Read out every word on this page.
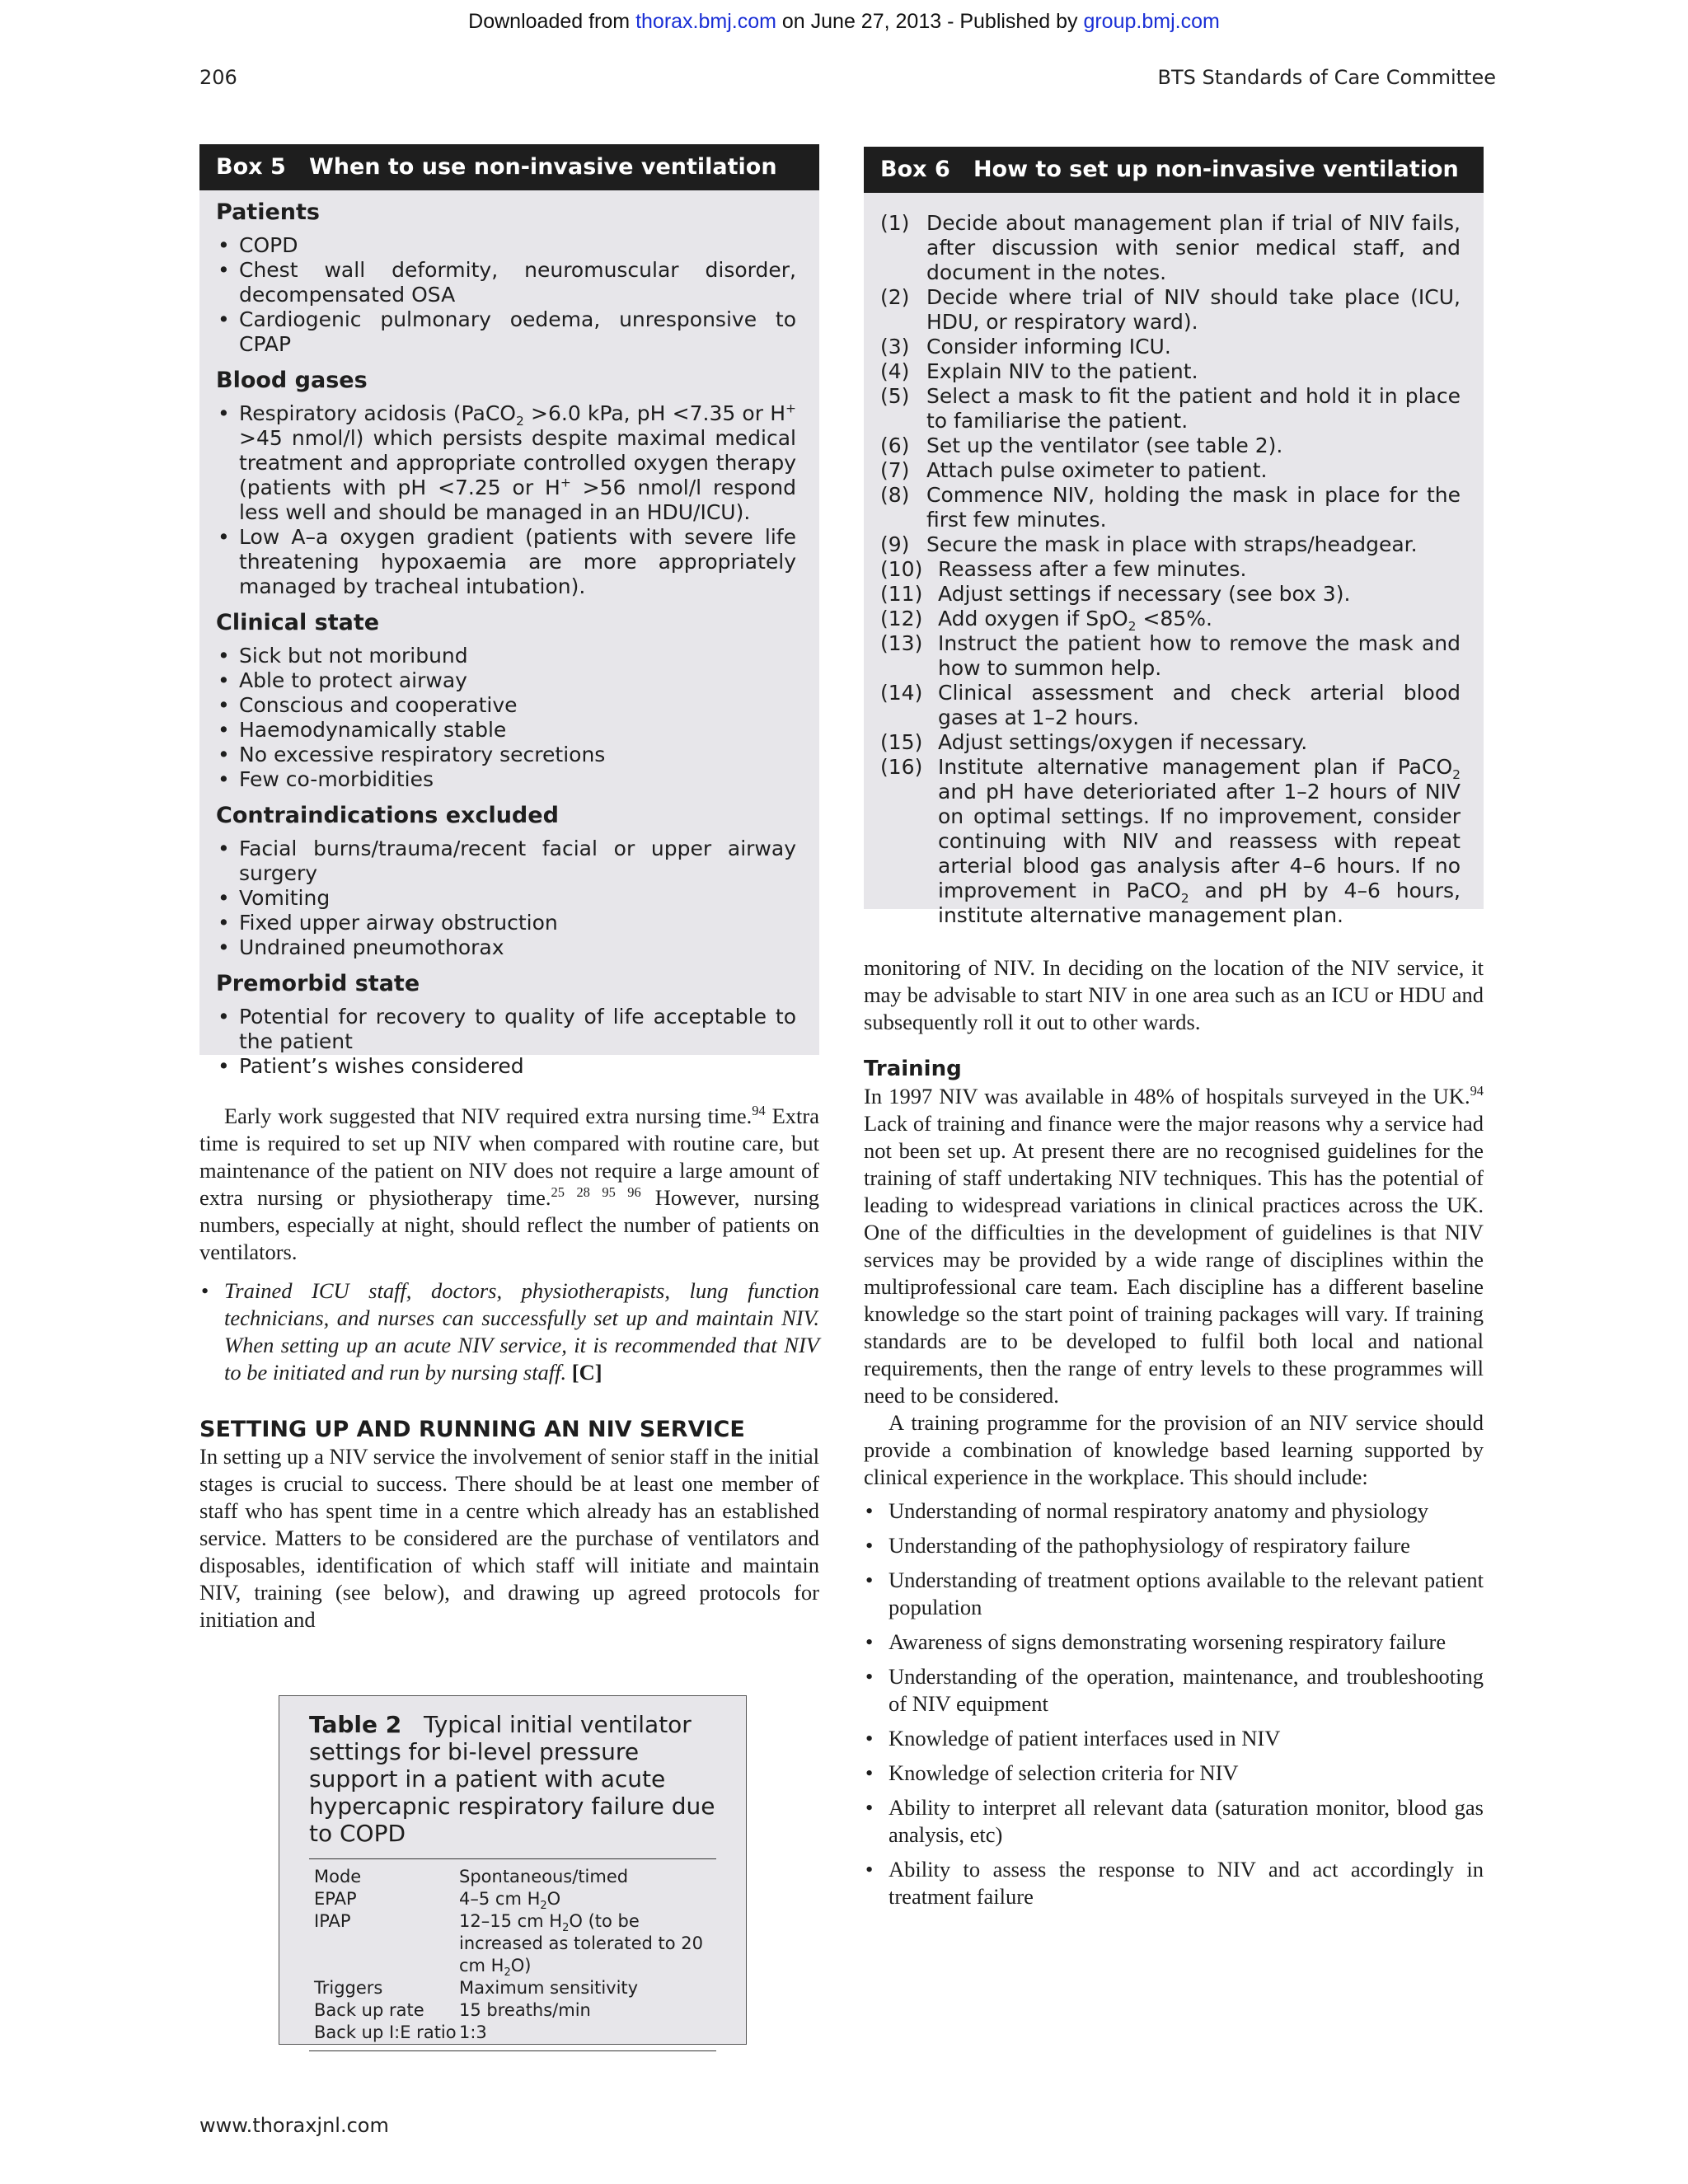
Downloaded from thorax.bmj.com on June 27, 2013 - Published by group.bmj.com
206	BTS Standards of Care Committee
Box 5 When to use non-invasive ventilation
Patients
• COPD
• Chest wall deformity, neuromuscular disorder, decompensated OSA
• Cardiogenic pulmonary oedema, unresponsive to CPAP
Blood gases
• Respiratory acidosis (PaCO$_2$ >6.0 kPa, pH <7.35 or H+ >45 nmol/l) which persists despite maximal medical treatment and appropriate controlled oxygen therapy (patients with pH <7.25 or H+ >56 nmol/l respond less well and should be managed in an HDU/ICU).
• Low A–a oxygen gradient (patients with severe life threatening hypoxaemia are more appropriately managed by tracheal intubation).
Clinical state
• Sick but not moribund
• Able to protect airway
• Conscious and cooperative
• Haemodynamically stable
• No excessive respiratory secretions
• Few co-morbidities
Contraindications excluded
• Facial burns/trauma/recent facial or upper airway surgery
• Vomiting
• Fixed upper airway obstruction
• Undrained pneumothorax
Premorbid state
• Potential for recovery to quality of life acceptable to the patient
• Patient’s wishes considered
Box 6 How to set up non-invasive ventilation
(1) Decide about management plan if trial of NIV fails, after discussion with senior medical staff, and document in the notes.
(2) Decide where trial of NIV should take place (ICU, HDU, or respiratory ward).
(3) Consider informing ICU.
(4) Explain NIV to the patient.
(5) Select a mask to fit the patient and hold it in place to familiarise the patient.
(6) Set up the ventilator (see table 2).
(7) Attach pulse oximeter to patient.
(8) Commence NIV, holding the mask in place for the first few minutes.
(9) Secure the mask in place with straps/headgear.
(10) Reassess after a few minutes.
(11) Adjust settings if necessary (see box 3).
(12) Add oxygen if SpO$_2$ <85%.
(13) Instruct the patient how to remove the mask and how to summon help.
(14) Clinical assessment and check arterial blood gases at 1–2 hours.
(15) Adjust settings/oxygen if necessary.
(16) Institute alternative management plan if PaCO$_2$ and pH have deterioriated after 1–2 hours of NIV on optimal settings. If no improvement, consider continuing with NIV and reassess with repeat arterial blood gas analysis after 4–6 hours. If no improvement in PaCO$_2$ and pH by 4–6 hours, institute alternative management plan.

Early work suggested that NIV required extra nursing time.$^{94}$ Extra time is required to set up NIV when compared with routine care, but maintenance of the patient on NIV does not require a large amount of extra nursing or physiotherapy time.$^{25 28 95 96}$ However, nursing numbers, especially at night, should reflect the number of patients on ventilators.

• Trained ICU staff, doctors, physiotherapists, lung function technicians, and nurses can successfully set up and maintain NIV. When setting up an acute NIV service, it is recommended that NIV to be initiated and run by nursing staff. [C]
SETTING UP AND RUNNING AN NIV SERVICE

In setting up a NIV service the involvement of senior staff in the initial stages is crucial to success. There should be at least one member of staff who has spent time in a centre which already has an established service. Matters to be considered are the purchase of ventilators and disposables, identification of which staff will initiate and maintain NIV, training (see below), and drawing up agreed protocols for initiation and

Table 2 Typical initial ventilator settings for bi-level pressure support in a patient with acute hypercapnic respiratory failure due to COPD
Mode	Spontaneous/timed
EPAP	4–5 cm $H_2O$
IPAP	12–15 cm $H_2O$ (to be increased as tolerated to 20 cm $H_2O$)
Triggers	Maximum sensitivity
Back up rate	15 breaths/min
Back up I:E ratio 1:3

monitoring of NIV. In deciding on the location of the NIV service, it may be advisable to start NIV in one area such as an ICU or HDU and subsequently roll it out to other wards.

Training

In 1997 NIV was available in 48% of hospitals surveyed in the UK.$^{94}$ Lack of training and finance were the major reasons why a service had not been set up. At present there are no recognised guidelines for the training of staff undertaking NIV techniques. This has the potential of leading to widespread variations in clinical practices across the UK. One of the difficulties in the development of guidelines is that NIV services may be provided by a wide range of disciplines within the multiprofessional care team. Each discipline has a different baseline knowledge so the start point of training packages will vary. If training standards are to be developed to fulfil both local and national requirements, then the range of entry levels to these programmes will need to be considered.

A training programme for the provision of an NIV service should provide a combination of knowledge based learning supported by clinical experience in the workplace. This should include:

• Understanding of normal respiratory anatomy and physiology
• Understanding of the pathophysiology of respiratory failure
• Understanding of treatment options available to the relevant patient population
• Awareness of signs demonstrating worsening respiratory failure
• Understanding of the operation, maintenance, and troubleshooting of NIV equipment
• Knowledge of patient interfaces used in NIV
• Knowledge of selection criteria for NIV
• Ability to interpret all relevant data (saturation monitor, blood gas analysis, etc)
• Ability to assess the response to NIV and act accordingly in treatment failure
www.thoraxjnl.com
